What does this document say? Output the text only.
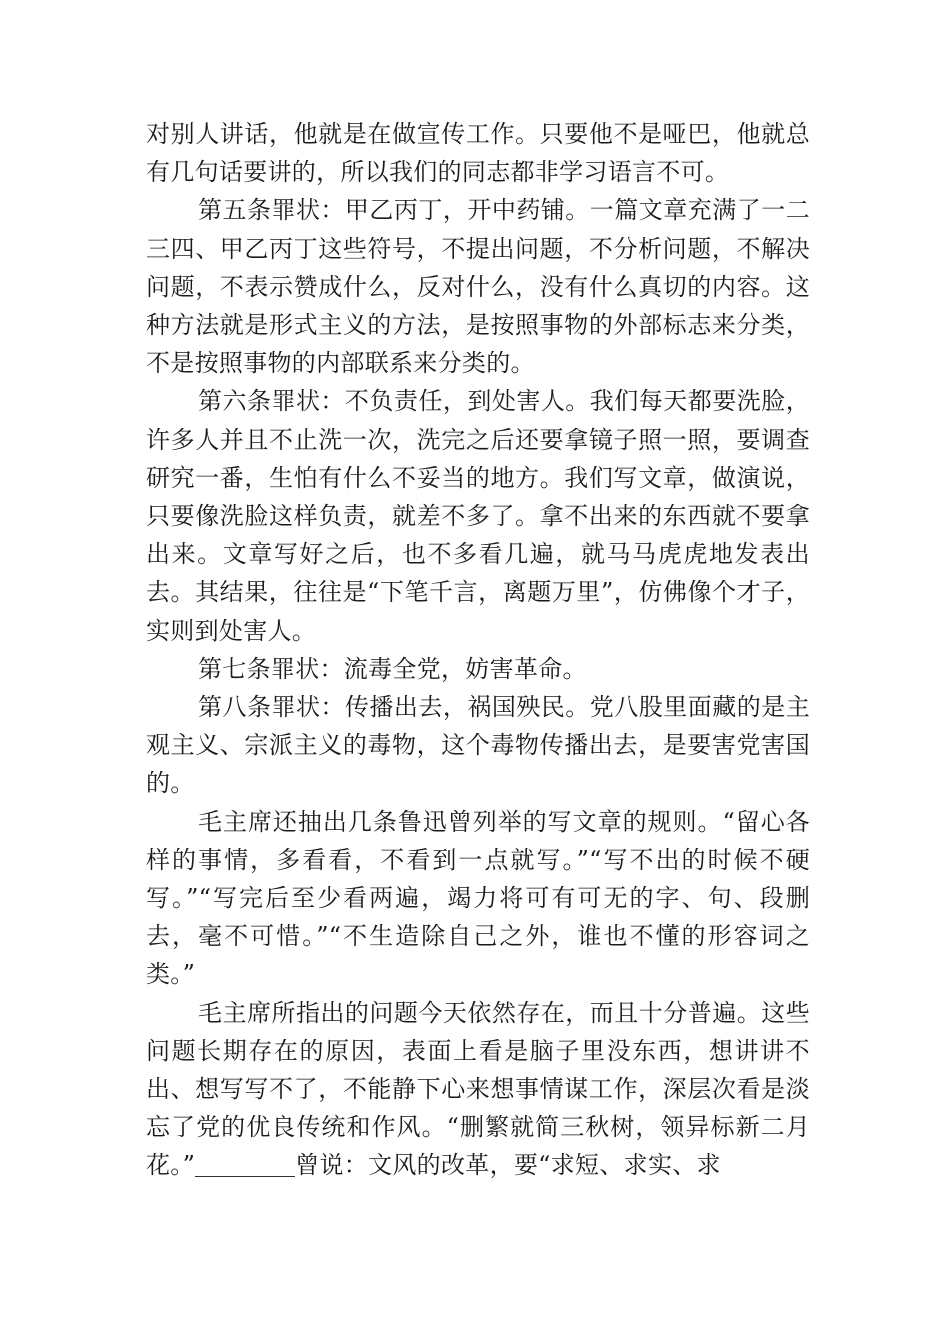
对别人讲话，他就是在做宣传工作。只要他不是哑巴，他就总有几句话要讲的，所以我们的同志都非学习语言不可。

第五条罪状：甲乙丙丁，开中药铺。一篇文章充满了一二三四、甲乙丙丁这些符号，不提出问题，不分析问题，不解决问题，不表示赞成什么，反对什么，没有什么真切的内容。这种方法就是形式主义的方法，是按照事物的外部标志来分类，不是按照事物的内部联系来分类的。

第六条罪状：不负责任，到处害人。我们每天都要洗脸，许多人并且不止洗一次，洗完之后还要拿镜子照一照，要调查研究一番，生怕有什么不妥当的地方。我们写文章，做演说，只要像洗脸这样负责，就差不多了。拿不出来的东西就不要拿出来。文章写好之后，也不多看几遍，就马马虎虎地发表出去。其结果，往往是“下笔千言，离题万里”，仿佛像个才子，实则到处害人。

第七条罪状：流毒全党，妨害革命。

第八条罪状：传播出去，祸国殃民。党八股里面藏的是主观主义、宗派主义的毒物，这个毒物传播出去，是要害党害国的。

毛主席还抽出几条鲁迅曾列举的写文章的规则。“留心各样的事情，多看看，不看到一点就写。”“写不出的时候不硬写。”“写完后至少看两遍，竭力将可有可无的字、句、段删去，毫不可惜。”“不生造除自己之外，谁也不懂的形容词之类。”

毛主席所指出的问题今天依然存在，而且十分普遍。这些问题长期存在的原因，表面上看是脑子里没东西，想讲讲不出、想写写不了，不能静下心来想事情谋工作，深层次看是淡忘了党的优良传统和作风。“删繁就简三秋树，领异标新二月花。”	曾说：文风的改革，要“求短、求实、求
